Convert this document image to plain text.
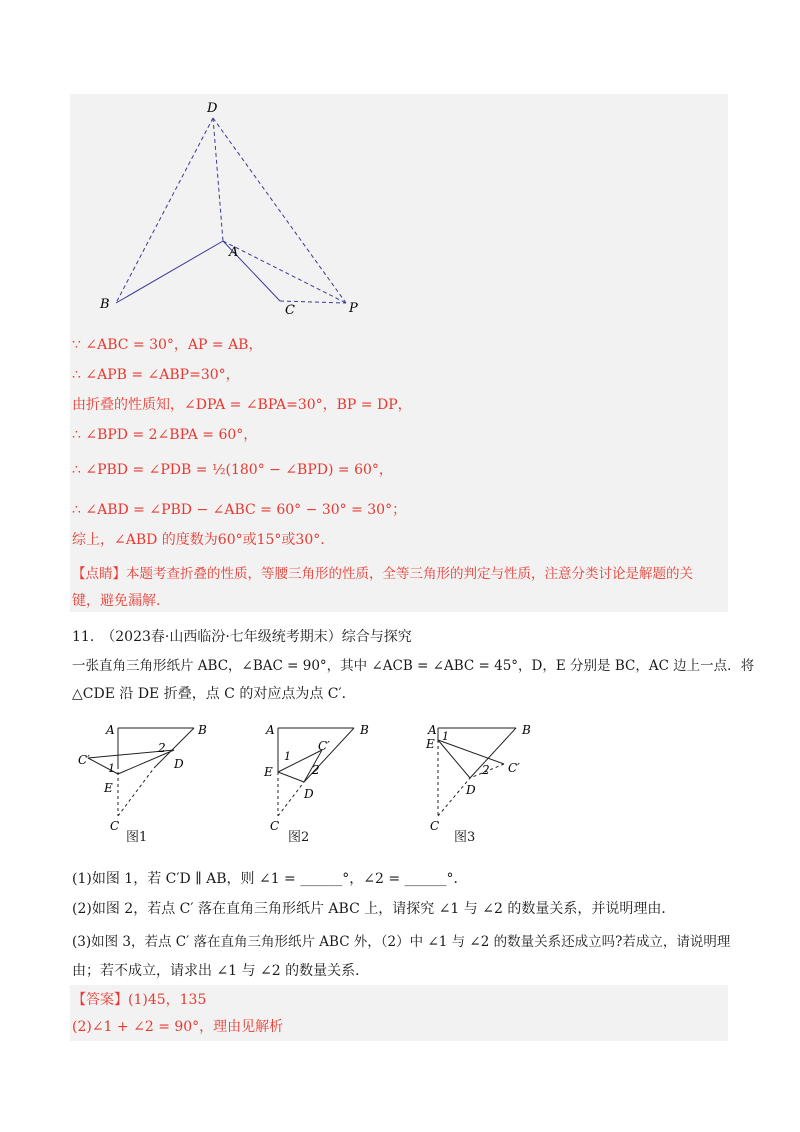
D
A
B	C	P
∵ ∠ABC = 30°，AP = AB，
∴ ∠APB = ∠ABP=30°，
由折叠的性质知，∠DPA = ∠BPA=30°，BP = DP，
∴ ∠BPD = 2∠BPA = 60°，
∴ ∠PBD = ∠PDB = ½(180° − ∠BPD) = 60°，
∴ ∠ABD = ∠PBD − ∠ABC = 60° − 30° = 30°；
综上，∠ABD 的度数为60°或15°或30°.
【点睛】本题考查折叠的性质，等腰三角形的性质，全等三角形的判定与性质，注意分类讨论是解题的关
键，避免漏解.
11.　（2023春·山西临汾·七年级统考期末）综合与探究
一张直角三角形纸片 ABC，∠BAC = 90°，其中 ∠ACB = ∠ABC = 45°，D，E 分别是 BC，AC 边上一点．将
△CDE 沿 DE 折叠，点 C 的对应点为点 C′．
A	B
C′
2
1	D
E
C
图1
A	B
1
C′
E	2
D
C
图2
A 1	B
E
2 C′
D
C
图3
(1)如图 1，若 C′D ∥ AB，则 ∠1 = ______°，∠2 = ______°．
(2)如图 2，若点 C′ 落在直角三角形纸片 ABC 上，请探究 ∠1 与 ∠2 的数量关系，并说明理由．
(3)如图 3，若点 C′ 落在直角三角形纸片 ABC 外，（2）中 ∠1 与 ∠2 的数量关系还成立吗?若成立，请说明理
由；若不成立，请求出 ∠1 与 ∠2 的数量关系．
【答案】(1)45，135
(2)∠1 + ∠2 = 90°，理由见解析
